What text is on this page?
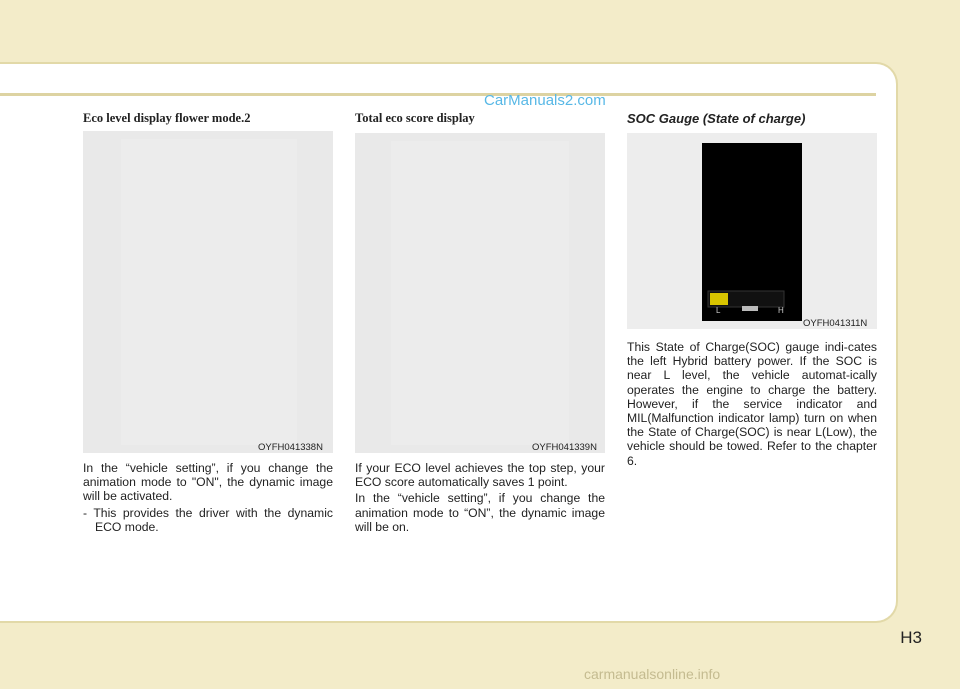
CarManuals2.com
Eco level display flower mode.2
OYFH041338N

In the “vehicle setting”, if you change the animation mode to "ON", the dynamic image will be activated.

- This provides the driver with the dynamic ECO mode.

Total eco score display
OYFH041339N

If your ECO level achieves the top step, your ECO score automatically saves 1 point.

In the “vehicle setting”, if you change the animation mode to “ON”, the dynamic image will be on.

SOC Gauge (State of charge)
L	H
OYFH041311N

This State of Charge(SOC) gauge indi-cates the left Hybrid battery power. If the SOC is near L level, the vehicle automat-ically operates the engine to charge the battery. However, if the service indicator and MIL(Malfunction indicator lamp) turn on when the State of Charge(SOC) is near L(Low), the vehicle should be towed. Refer to the chapter 6.

H3
carmanualsonline.info
